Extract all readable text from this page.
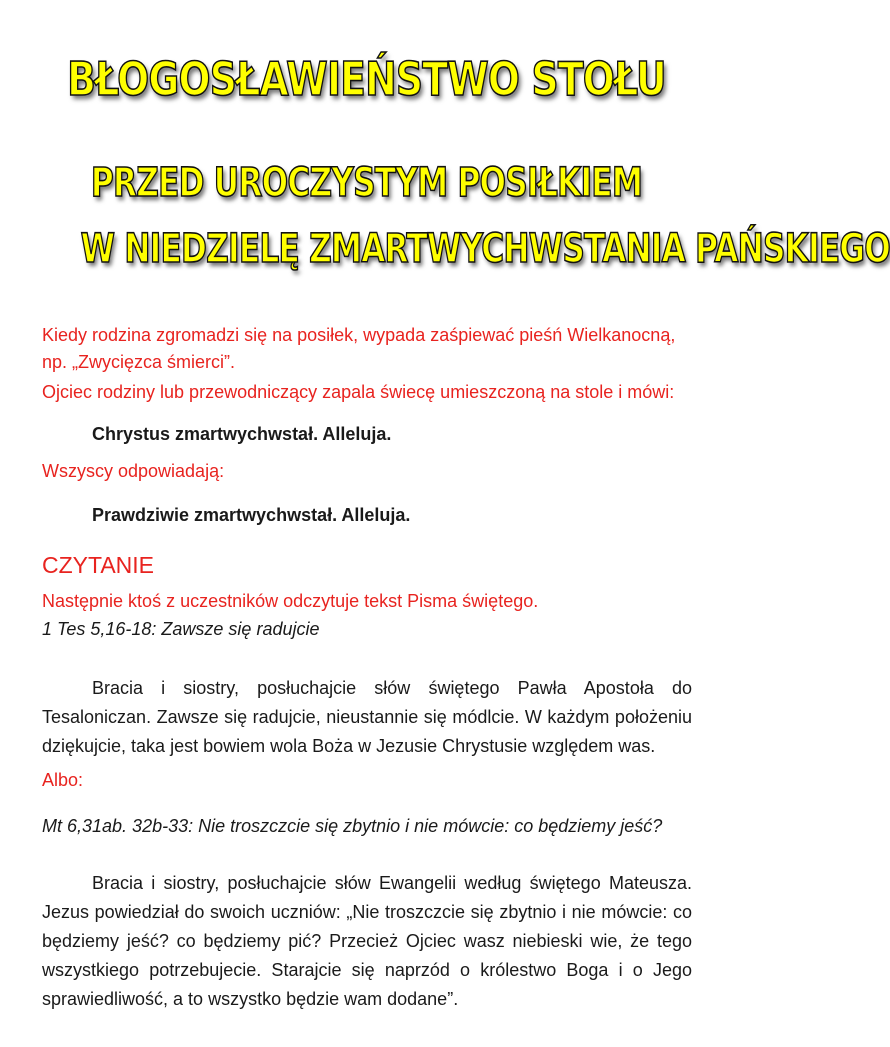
BŁOGOSŁAWIEŃSTWO STOŁU
PRZED UROCZYSTYM POSIŁKIEM
W NIEDZIELĘ ZMARTWYCHWSTANIA PAŃSKIEGO
Kiedy rodzina zgromadzi się na posiłek, wypada zaśpiewać pieśń Wielkanocną,
np. „Zwycięzca śmierci”.
Ojciec rodziny lub przewodniczący zapala świecę umieszczoną na stole i mówi:
Chrystus zmartwychwstał. Alleluja.
Wszyscy odpowiadają:
Prawdziwie zmartwychwstał. Alleluja.
CZYTANIE
Następnie ktoś z uczestników odczytuje tekst Pisma świętego.
1 Tes 5,16-18: Zawsze się radujcie
Bracia i siostry, posłuchajcie słów świętego Pawła Apostoła do Tesaloniczan. Zawsze się radujcie, nieustannie się módlcie. W każdym położeniu dziękujcie, taka jest bowiem wola Boża w Jezusie Chrystusie względem was.
Albo:
Mt 6,31ab. 32b-33: Nie troszczcie się zbytnio i nie mówcie: co będziemy jeść?
Bracia i siostry, posłuchajcie słów Ewangelii według świętego Mateusza. Jezus powiedział do swoich uczniów: „Nie troszczcie się zbytnio i nie mówcie: co będziemy jeść? co będziemy pić? Przecież Ojciec wasz niebieski wie, że tego wszystkiego potrzebujecie. Starajcie się naprzód o królestwo Boga i o Jego sprawiedliwość, a to wszystko będzie wam dodane”.
